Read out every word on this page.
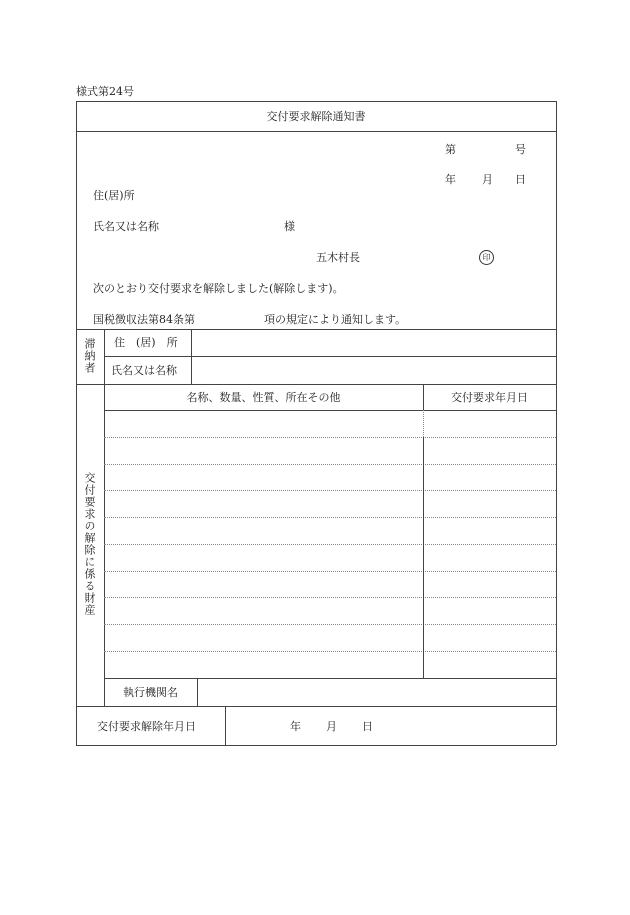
様式第24号
交付要求解除通知書
第	号
年 月 日
住(居)所
氏名又は名称	様
五木村長	印
次のとおり交付要求を解除しました(解除します)。
国税徴収法第84条第	項の規定により通知します。
滞納者 住　(居)　所
氏名又は名称
交付要求の解除に係る財産
名称、数量、性質、所在その他	交付要求年月日
執行機関名
交付要求解除年月日	年 月 日
